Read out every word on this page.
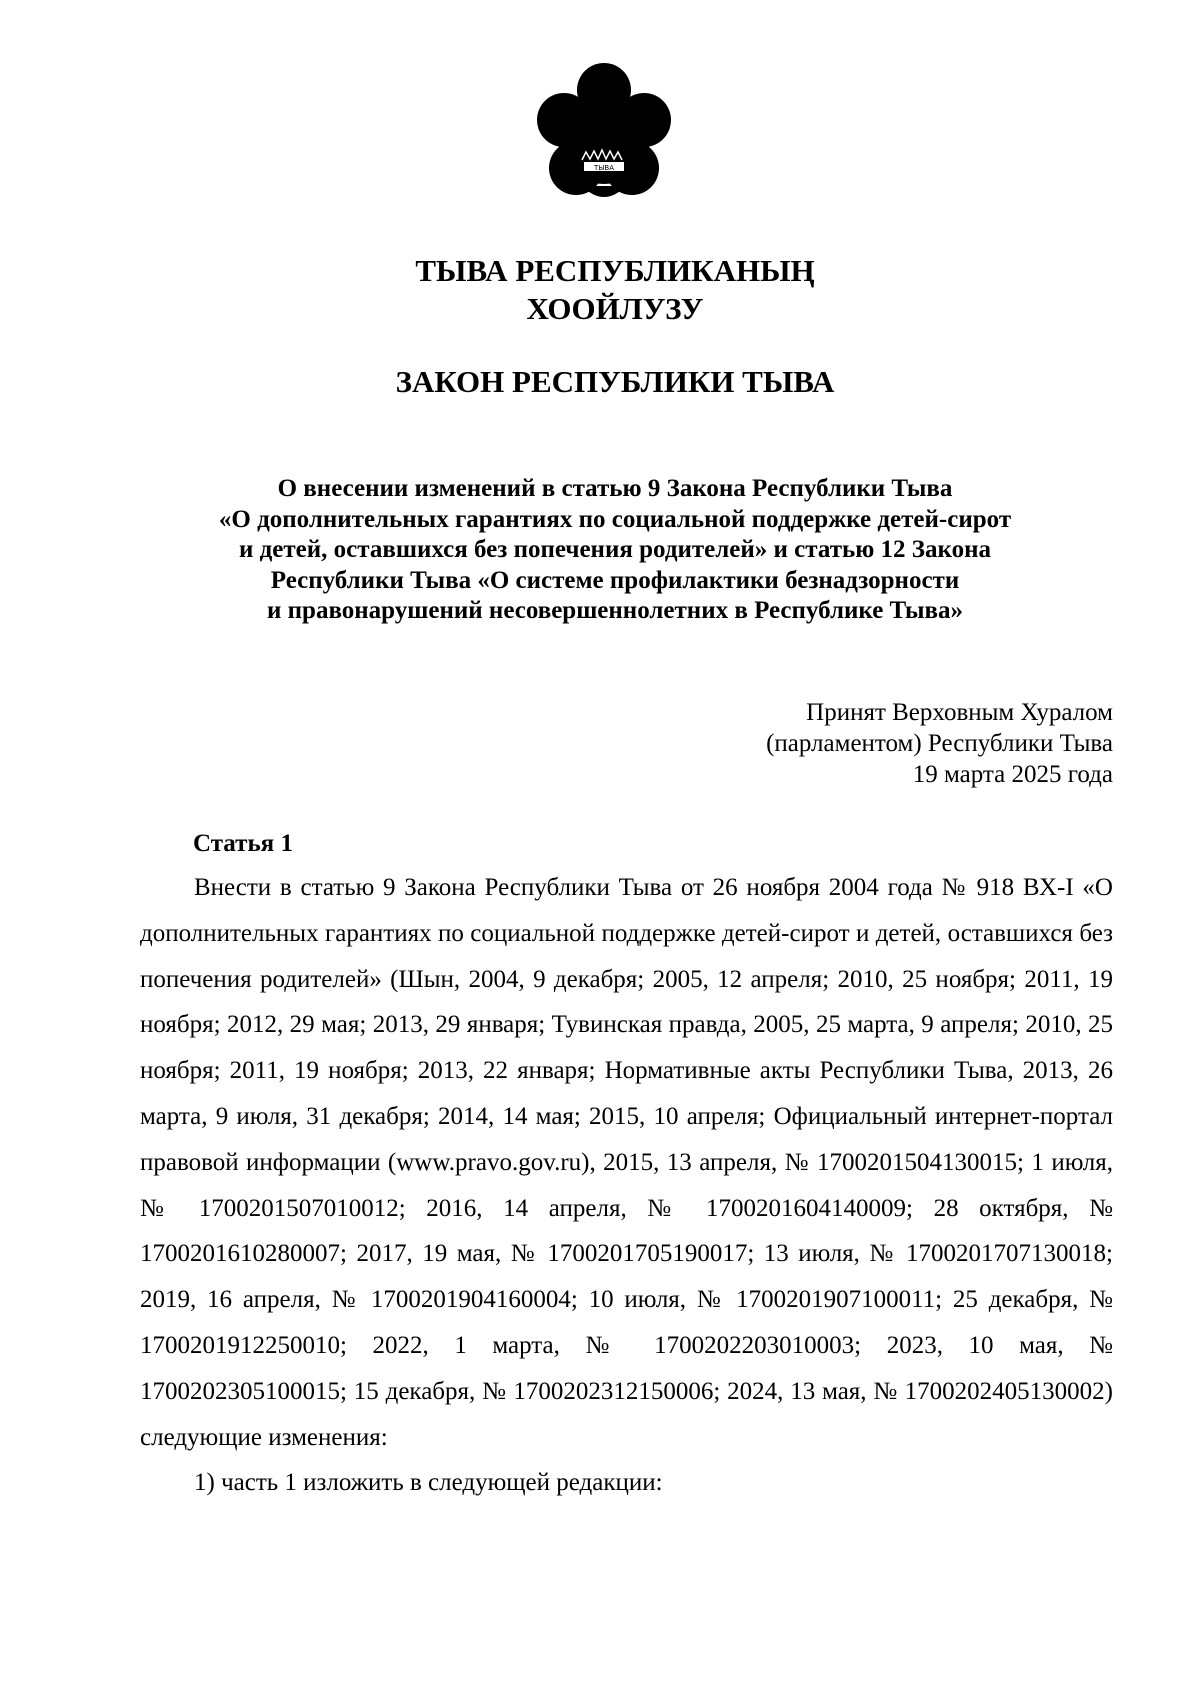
ТЫВА
ТЫВА РЕСПУБЛИКАНЫҢ
ХООЙЛУЗУ
ЗАКОН РЕСПУБЛИКИ ТЫВА
О внесении изменений в статью 9 Закона Республики Тыва
«О дополнительных гарантиях по социальной поддержке детей-сирот
и детей, оставшихся без попечения родителей» и статью 12 Закона
Республики Тыва «О системе профилактики безнадзорности
и правонарушений несовершеннолетних в Республике Тыва»
Принят Верховным Хуралом
(парламентом) Республики Тыва
19 марта 2025 года
Статья 1

Внести в статью 9 Закона Республики Тыва от 26 ноября 2004 года № 918 ВХ-I «О дополнительных гарантиях по социальной поддержке детей-сирот и детей, оставшихся без попечения родителей» (Шын, 2004, 9 декабря; 2005, 12 апреля; 2010, 25 ноября; 2011, 19 ноября; 2012, 29 мая; 2013, 29 января; Тувинская правда, 2005, 25 марта, 9 апреля; 2010, 25 ноября; 2011, 19 ноября; 2013, 22 января; Нормативные акты Республики Тыва, 2013, 26 марта, 9 июля, 31 декабря; 2014, 14 мая; 2015, 10 апреля; Официальный интернет-портал правовой информации (www.pravo.gov.ru), 2015, 13 апреля, № 1700201504130015; 1 июля, № 1700201507010012; 2016, 14 апреля, № 1700201604140009; 28 октября, № 1700201610280007; 2017, 19 мая, № 1700201705190017; 13 июля, № 1700201707130018; 2019, 16 апреля, № 1700201904160004; 10 июля, № 1700201907100011; 25 декабря, № 1700201912250010; 2022, 1 марта, № 1700202203010003; 2023, 10 мая, № 1700202305100015; 15 декабря, № 1700202312150006; 2024, 13 мая, № 1700202405130002) следующие изменения:

1) часть 1 изложить в следующей редакции:
